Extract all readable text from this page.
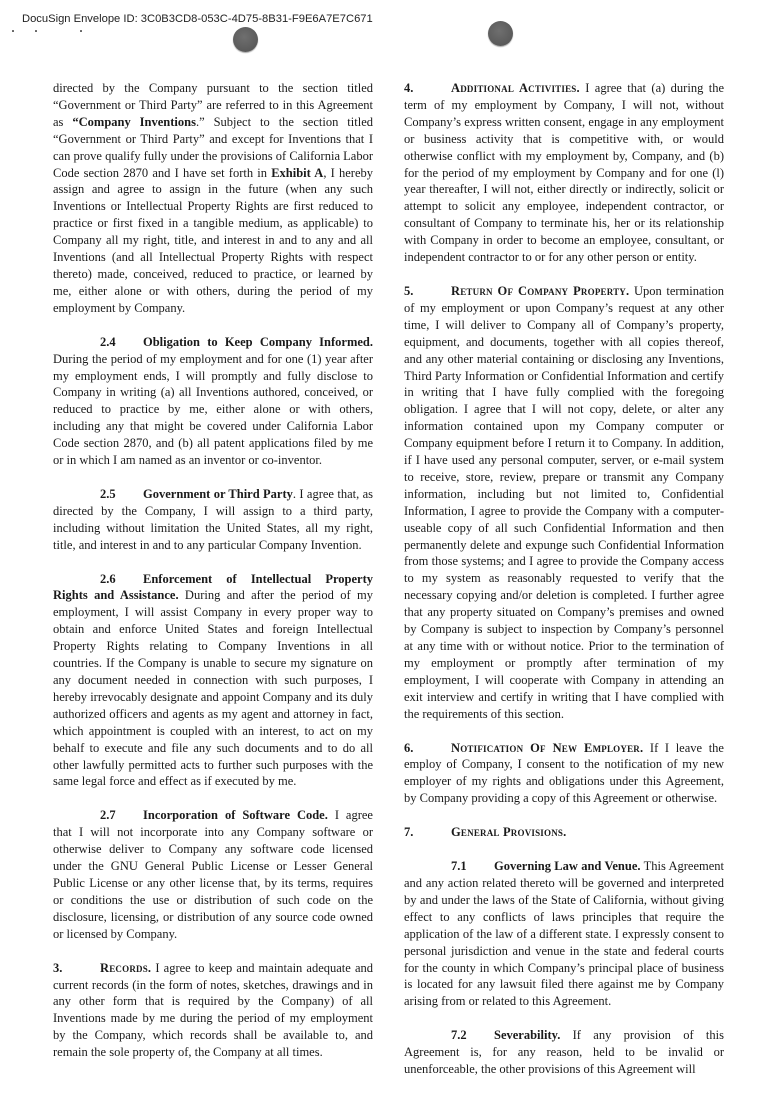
DocuSign Envelope ID: 3C0B3CD8-053C-4D75-8B31-F9E6A7E7C671

directed by the Company pursuant to the section titled “Government or Third Party” are referred to in this Agreement as “Company Inventions.” Subject to the section titled “Government or Third Party” and except for Inventions that I can prove qualify fully under the provisions of California Labor Code section 2870 and I have set forth in Exhibit A, I hereby assign and agree to assign in the future (when any such Inventions or Intellectual Property Rights are first reduced to practice or first fixed in a tangible medium, as applicable) to Company all my right, title, and interest in and to any and all Inventions (and all Intellectual Property Rights with respect thereto) made, conceived, reduced to practice, or learned by me, either alone or with others, during the period of my employment by Company.

2.4 Obligation to Keep Company Informed. During the period of my employment and for one (1) year after my employment ends, I will promptly and fully disclose to Company in writing (a) all Inventions authored, conceived, or reduced to practice by me, either alone or with others, including any that might be covered under California Labor Code section 2870, and (b) all patent applications filed by me or in which I am named as an inventor or co-inventor.

2.5 Government or Third Party. I agree that, as directed by the Company, I will assign to a third party, including without limitation the United States, all my right, title, and interest in and to any particular Company Invention.

2.6 Enforcement of Intellectual Property Rights and Assistance. During and after the period of my employment, I will assist Company in every proper way to obtain and enforce United States and foreign Intellectual Property Rights relating to Company Inventions in all countries. If the Company is unable to secure my signature on any document needed in connection with such purposes, I hereby irrevocably designate and appoint Company and its duly authorized officers and agents as my agent and attorney in fact, which appointment is coupled with an interest, to act on my behalf to execute and file any such documents and to do all other lawfully permitted acts to further such purposes with the same legal force and effect as if executed by me.

2.7 Incorporation of Software Code. I agree that I will not incorporate into any Company software or otherwise deliver to Company any software code licensed under the GNU General Public License or Lesser General Public License or any other license that, by its terms, requires or conditions the use or distribution of such code on the disclosure, licensing, or distribution of any source code owned or licensed by Company.

3.	Records. I agree to keep and maintain adequate and current records (in the form of notes, sketches, drawings and in any other form that is required by the Company) of all Inventions made by me during the period of my employment by the Company, which records shall be available to, and remain the sole property of, the Company at all times.

4.	Additional Activities. I agree that (a) during the term of my employment by Company, I will not, without Company’s express written consent, engage in any employment or business activity that is competitive with, or would otherwise conflict with my employment by, Company, and (b) for the period of my employment by Company and for one (l) year thereafter, I will not, either directly or indirectly, solicit or attempt to solicit any employee, independent contractor, or consultant of Company to terminate his, her or its relationship with Company in order to become an employee, consultant, or independent contractor to or for any other person or entity.

5.	Return Of Company Property. Upon termination of my employment or upon Company’s request at any other time, I will deliver to Company all of Company’s property, equipment, and documents, together with all copies thereof, and any other material containing or disclosing any Inventions, Third Party Information or Confidential Information and certify in writing that I have fully complied with the foregoing obligation. I agree that I will not copy, delete, or alter any information contained upon my Company computer or Company equipment before I return it to Company. In addition, if I have used any personal computer, server, or e-mail system to receive, store, review, prepare or transmit any Company information, including but not limited to, Confidential Information, I agree to provide the Company with a computer-useable copy of all such Confidential Information and then permanently delete and expunge such Confidential Information from those systems; and I agree to provide the Company access to my system as reasonably requested to verify that the necessary copying and/or deletion is completed. I further agree that any property situated on Company’s premises and owned by Company is subject to inspection by Company’s personnel at any time with or without notice. Prior to the termination of my employment or promptly after termination of my employment, I will cooperate with Company in attending an exit interview and certify in writing that I have complied with the requirements of this section.

6.	Notification Of New Employer. If I leave the employ of Company, I consent to the notification of my new employer of my rights and obligations under this Agreement, by Company providing a copy of this Agreement or otherwise.

7.	General Provisions.

7.1 Governing Law and Venue. This Agreement and any action related thereto will be governed and interpreted by and under the laws of the State of California, without giving effect to any conflicts of laws principles that require the application of the law of a different state. I expressly consent to personal jurisdiction and venue in the state and federal courts for the county in which Company’s principal place of business is located for any lawsuit filed there against me by Company arising from or related to this Agreement.

7.2 Severability. If any provision of this Agreement is, for any reason, held to be invalid or unenforceable, the other provisions of this Agreement will
